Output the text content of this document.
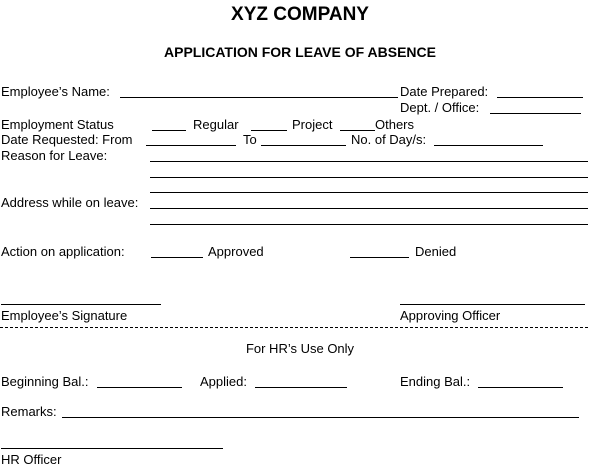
XYZ COMPANY
APPLICATION FOR LEAVE OF ABSENCE
Employee’s Name:	Date Prepared:
Dept. / Office:
Employment Status	Regular	Project	Others
Date Requested: From	To	No. of Day/s:
Reason for Leave:
Address while on leave:
Action on application:	Approved	Denied
Employee’s Signature	Approving Officer
For HR’s Use Only
Beginning Bal.:	Applied:	Ending Bal.:
Remarks:
HR Officer
